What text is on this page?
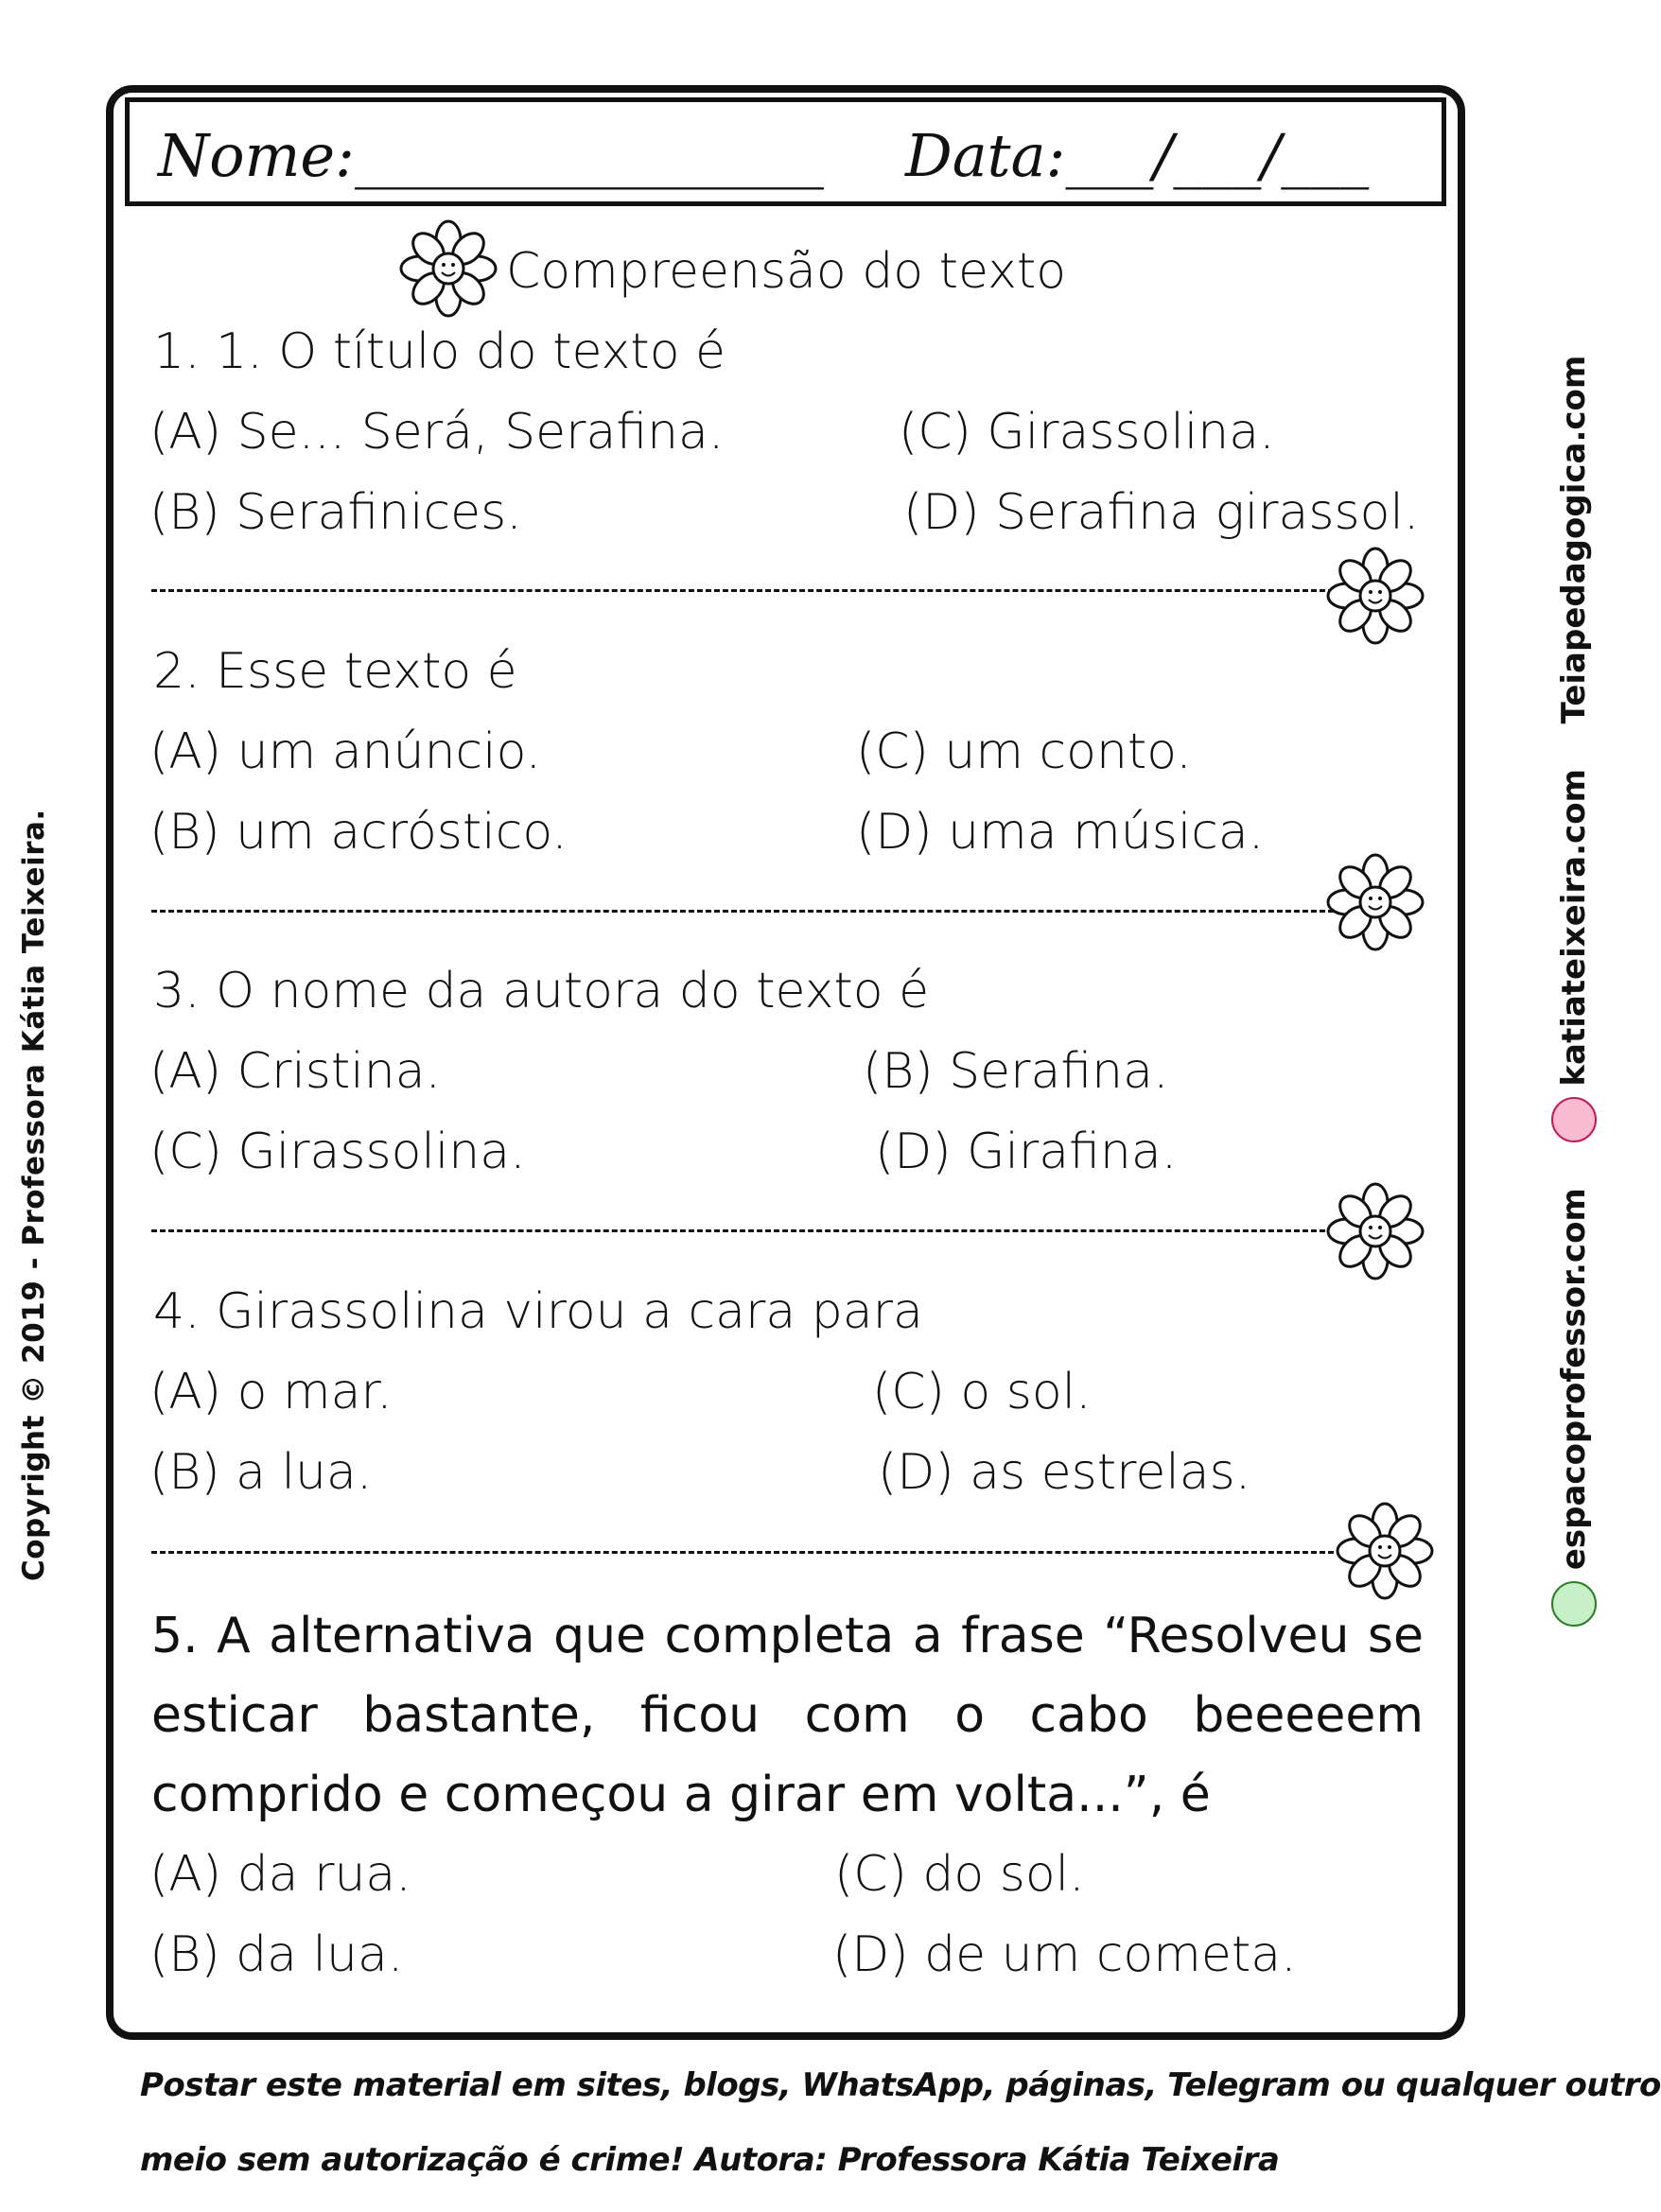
Nome:________________ Data:___/___/___
Compreensão do texto
1. 1. O título do texto é
(A) Se... Será, Serafina.	(C) Girassolina.
(B) Serafinices.	(D) Serafina girassol.
2. Esse texto é
(A) um anúncio.	(C) um conto.
(B) um acróstico.	(D) uma música.
3. O nome da autora do texto é
(A) Cristina.	(B) Serafina.
(C) Girassolina.	(D) Girafina.
4. Girassolina virou a cara para
(A) o mar.	(C) o sol.
(B) a lua.	(D) as estrelas.
5. A alternativa que completa a frase “Resolveu se esticar bastante, ficou com o cabo beeeeem comprido e começou a girar em volta...”, é
(A) da rua.	(C) do sol.
(B) da lua.	(D) de um cometa.
Copyright © 2019 - Professora Kátia Teixeira.	espacoprofessor.com   katiateixeira.com  Teiapedagogica.com
Postar este material em sites, blogs, WhatsApp, páginas, Telegram ou qualquer outro
meio sem autorização é crime! Autora: Professora Kátia Teixeira
